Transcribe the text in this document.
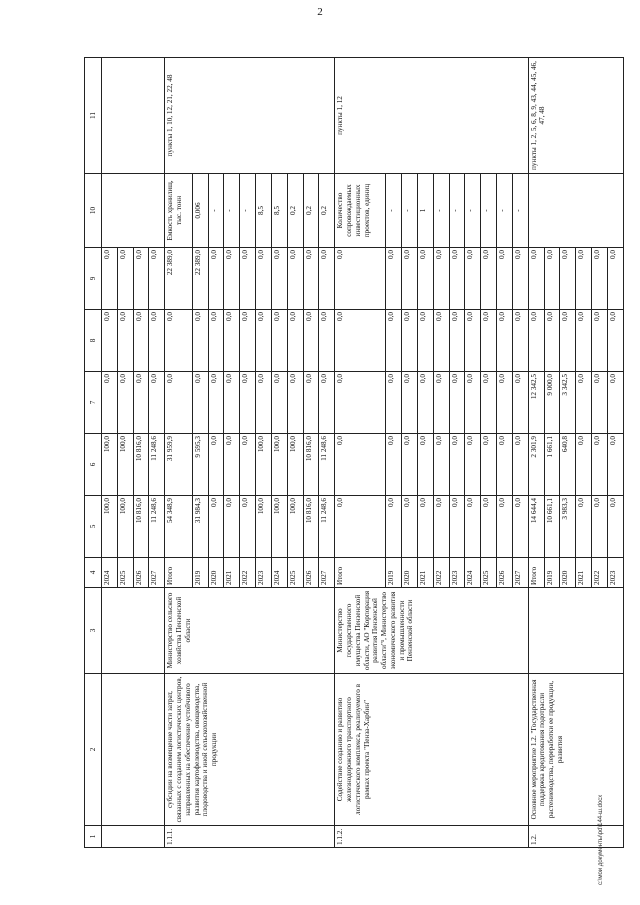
2
1	2	3	4	5	6	7	8	9	10	11
			2024	100,0	100,0	0,0	0,0	0,0		
			2025	100,0	100,0	0,0	0,0	0,0		
			2026	10 816,0	10 816,0	0,0	0,0	0,0		
			2027	11 248,6	11 248,6	0,0	0,0	0,0		
1.1.1.	субсидии на возмещение части затрат, связанных с созданием логистических центров, направленных на обеспечение устойчивого развития картофелеводства, овощеводства, плодоводства и иной сельскохозяйственной продукции	Министерство сельского хозяйства Пензенской области	Итого	54 348,9	31 959,9	0,0	0,0	22 389,0	Емкость хранилищ, тыс. тонн	пункты 1, 10, 12, 21, 22, 48
			2019	31 984,3	9 595,3	0,0	0,0	22 389,0	0,006	
			2020	0,0	0,0	0,0	0,0	0,0	-	
			2021	0,0	0,0	0,0	0,0	0,0	-	
			2022	0,0	0,0	0,0	0,0	0,0	-	
			2023	100,0	100,0	0,0	0,0	0,0	8,5	
			2024	100,0	100,0	0,0	0,0	0,0	8,5	
			2025	100,0	100,0	0,0	0,0	0,0	0,2	
			2026	10 816,0	10 816,0	0,0	0,0	0,0	0,2	
			2027	11 248,6	11 248,6	0,0	0,0	0,0	0,2	
1.1.2.	Содействие созданию и развитию железнодорожного транспортного логистического комплекса, реализуемого в рамках проекта "Пенза-Харбин"	Министерство государственного имущества Пензенской области, АО "Корпорация развития Пензенской области"¹, Министерство экономического развития и промышленности Пензенской области	Итого	0,0	0,0	0,0	0,0	0,0	Количество сопровождаемых инвестиционных проектов, единиц	пункты 1, 12
			2019	0,0	0,0	0,0	0,0	0,0	-	
			2020	0,0	0,0	0,0	0,0	0,0	-	
			2021	0,0	0,0	0,0	0,0	0,0	1	
			2022	0,0	0,0	0,0	0,0	0,0	-	
			2023	0,0	0,0	0,0	0,0	0,0	-	
			2024	0,0	0,0	0,0	0,0	0,0	-	
			2025	0,0	0,0	0,0	0,0	0,0	-	
			2026	0,0	0,0	0,0	0,0	0,0	-	
			2027	0,0	0,0	0,0	0,0	0,0	-	
1.2.	Основное мероприятие 1.2. "Государственная поддержка кредитования подотрасли растениеводства, переработки ее продукции, развития		Итого	14 644,4	2 301,9	12 342,5	0,0	0,0		пункты 1, 2, 5, 6, 8, 9, 43, 44, 45, 46, 47, 48
			2019	10 661,1	1 661,1	9 000,0	0,0	0,0		
			2020	3 983,3	640,8	3 342,5	0,0	0,0		
			2021	0,0	0,0	0,0	0,0	0,0		
			2022	0,0	0,0	0,0	0,0	0,0		
			2023	0,0	0,0	0,0	0,0	0,0		
c:\мои документы\pd\144-ш.docx
